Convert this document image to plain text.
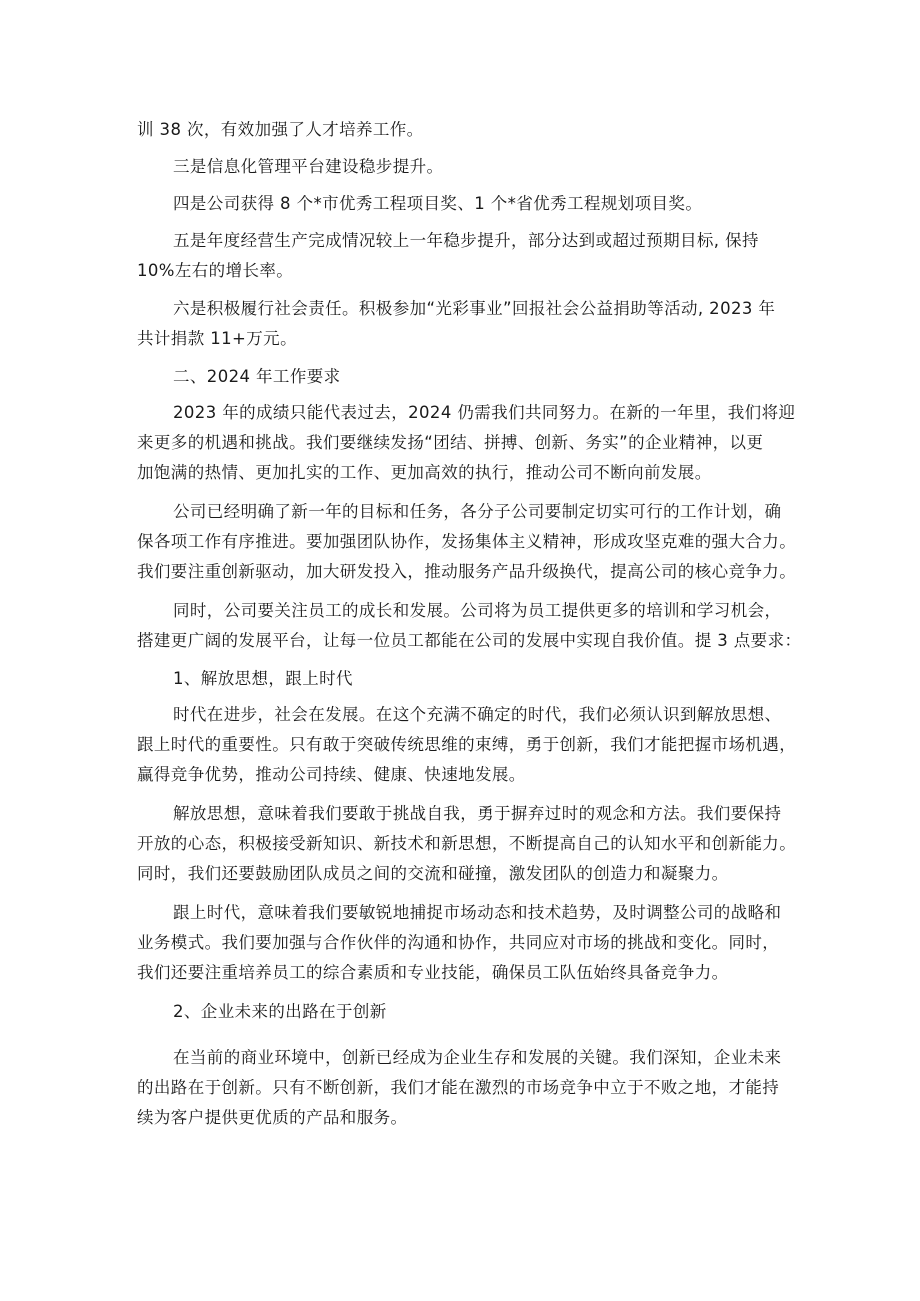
训 38 次，有效加强了人才培养工作。
三是信息化管理平台建设稳步提升。
四是公司获得 8 个*市优秀工程项目奖、1 个*省优秀工程规划项目奖。
五是年度经营生产完成情况较上一年稳步提升，部分达到或超过预期目标, 保持
10%左右的增长率。
六是积极履行社会责任。积极参加“光彩事业”回报社会公益捐助等活动, 2023 年
共计捐款 11+万元。
二、2024 年工作要求
2023 年的成绩只能代表过去，2024 仍需我们共同努力。在新的一年里，我们将迎
来更多的机遇和挑战。我们要继续发扬“团结、拼搏、创新、务实”的企业精神，以更
加饱满的热情、更加扎实的工作、更加高效的执行，推动公司不断向前发展。
公司已经明确了新一年的目标和任务，各分子公司要制定切实可行的工作计划，确
保各项工作有序推进。要加强团队协作，发扬集体主义精神，形成攻坚克难的强大合力。
我们要注重创新驱动，加大研发投入，推动服务产品升级换代，提高公司的核心竞争力。
同时，公司要关注员工的成长和发展。公司将为员工提供更多的培训和学习机会，
搭建更广阔的发展平台，让每一位员工都能在公司的发展中实现自我价值。提 3 点要求：
1、解放思想，跟上时代
时代在进步，社会在发展。在这个充满不确定的时代，我们必须认识到解放思想、
跟上时代的重要性。只有敢于突破传统思维的束缚，勇于创新，我们才能把握市场机遇，
赢得竞争优势，推动公司持续、健康、快速地发展。
解放思想，意味着我们要敢于挑战自我，勇于摒弃过时的观念和方法。我们要保持
开放的心态，积极接受新知识、新技术和新思想，不断提高自己的认知水平和创新能力。
同时，我们还要鼓励团队成员之间的交流和碰撞，激发团队的创造力和凝聚力。
跟上时代，意味着我们要敏锐地捕捉市场动态和技术趋势，及时调整公司的战略和
业务模式。我们要加强与合作伙伴的沟通和协作，共同应对市场的挑战和变化。同时，
我们还要注重培养员工的综合素质和专业技能，确保员工队伍始终具备竞争力。
2、企业未来的出路在于创新
在当前的商业环境中，创新已经成为企业生存和发展的关键。我们深知，企业未来
的出路在于创新。只有不断创新，我们才能在激烈的市场竞争中立于不败之地，才能持
续为客户提供更优质的产品和服务。
